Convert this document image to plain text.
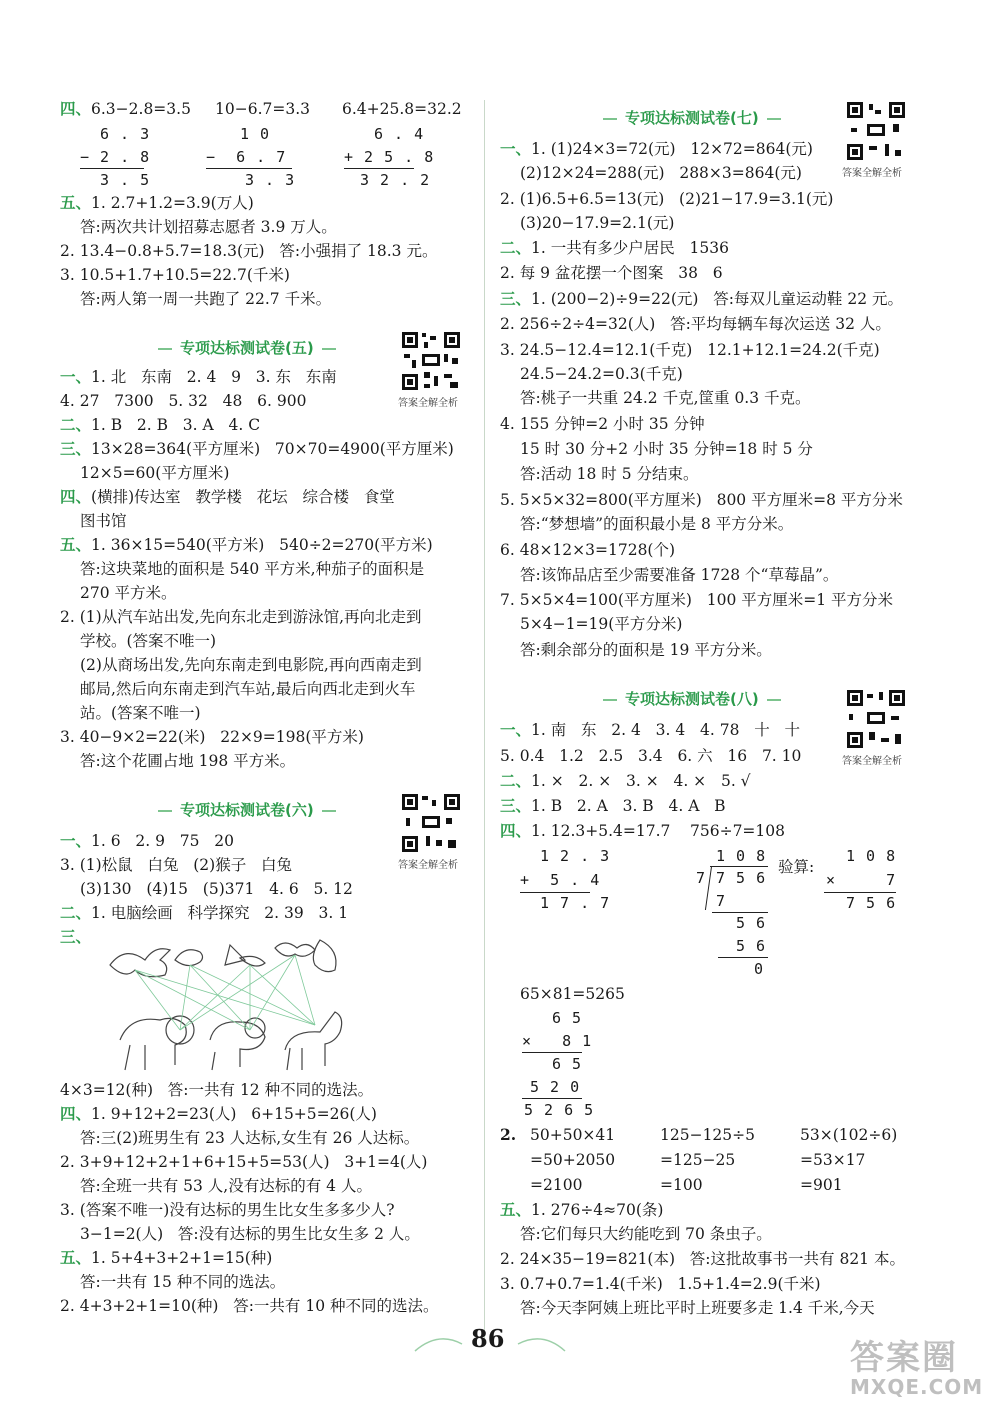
四、6.3−2.8=3.5 10−6.7=3.3 6.4+25.8=32.2
6 . 3
− 2 . 8
3 . 5
1 0
−  6 . 7
3 . 3
6 . 4
+ 2 5 . 8
3 2 . 2
五、1. 2.7+1.2=3.9(万人)
答:两次共计划招募志愿者 3.9 万人。
2. 13.4−0.8+5.7=18.3(元)   答:小强捐了 18.3 元。
3. 10.5+1.7+10.5=22.7(千米)
答:两人第一周一共跑了 22.7 千米。
专项达标测试卷(五)
答案全解全析
一、1. 北   东南   2. 4   9   3. 东   东南
4. 27   7300   5. 32   48   6. 900
二、1. B   2. B   3. A   4. C
三、13×28=364(平方厘米)   70×70=4900(平方厘米)
12×5=60(平方厘米)
四、(横排)传达室   教学楼   花坛   综合楼   食堂
图书馆
五、1. 36×15=540(平方米)   540÷2=270(平方米)
答:这块菜地的面积是 540 平方米,种茄子的面积是
270 平方米。
2. (1)从汽车站出发,先向东北走到游泳馆,再向北走到
学校。(答案不唯一)
(2)从商场出发,先向东南走到电影院,再向西南走到
邮局,然后向东南走到汽车站,最后向西北走到火车
站。(答案不唯一)
3. 40−9×2=22(米)   22×9=198(平方米)
答:这个花圃占地 198 平方米。
专项达标测试卷(六)
答案全解全析
一、1. 6   2. 9   75   20
3. (1)松鼠   白兔   (2)猴子   白兔
(3)130   (4)15   (5)371   4. 6   5. 12
二、1. 电脑绘画   科学探究   2. 39   3. 1
三、
4×3=12(种)   答:一共有 12 种不同的选法。
四、1. 9+12+2=23(人)   6+15+5=26(人)
答:三(2)班男生有 23 人达标,女生有 26 人达标。
2. 3+9+12+2+1+6+15+5=53(人)   3+1=4(人)
答:全班一共有 53 人,没有达标的有 4 人。
3. (答案不唯一)没有达标的男生比女生多多少人?
3−1=2(人)   答:没有达标的男生比女生多 2 人。
五、1. 5+4+3+2+1=15(种)
答:一共有 15 种不同的选法。
2. 4+3+2+1=10(种)   答:一共有 10 种不同的选法。
专项达标测试卷(七)
答案全解全析
一、1. (1)24×3=72(元)   12×72=864(元)
(2)12×24=288(元)   288×3=864(元)
2. (1)6.5+6.5=13(元)   (2)21−17.9=3.1(元)
(3)20−17.9=2.1(元)
二、1. 一共有多少户居民   1536
2. 每 9 盆花摆一个图案   38   6
三、1. (200−2)÷9=22(元)   答:每双儿童运动鞋 22 元。
2. 256÷2÷4=32(人)   答:平均每辆车每次运送 32 人。
3. 24.5−12.4=12.1(千克)   12.1+12.1=24.2(千克)
24.5−24.2=0.3(千克)
答:桃子一共重 24.2 千克,筐重 0.3 千克。
4. 155 分钟=2 小时 35 分钟
15 时 30 分+2 小时 35 分钟=18 时 5 分
答:活动 18 时 5 分结束。
5. 5×5×32=800(平方厘米)   800 平方厘米=8 平方分米
答:“梦想墙”的面积最小是 8 平方分米。
6. 48×12×3=1728(个)
答:该饰品店至少需要准备 1728 个“草莓晶”。
7. 5×5×4=100(平方厘米)   100 平方厘米=1 平方分米
5×4−1=19(平方分米)
答:剩余部分的面积是 19 平方分米。
专项达标测试卷(八)
答案全解全析
一、1. 南   东   2. 4   3. 4   4. 78   十   十
5. 0.4   1.2   2.5   3.4   6. 六   16   7. 10
二、1. ×   2. ×   3. ×   4. ×   5. √
三、1. B   2. A   3. B   4. A   B
四、1. 12.3+5.4=17.7 756÷7=108
1 2 . 3
+  5 . 4
1 7 . 7
1 0 8
7 7 5 6
7
5 6
5 6
0
验算:
1 0 8
×     7
7 5 6
65×81=5265
6 5
×   8 1
6 5
5 2 0
5 2 6 5
2. 50+50×41
=50+2050
=2100
125−125÷5
=125−25
=100
53×(102÷6)
=53×17
=901
五、1. 276÷4≈70(条)
答:它们每只大约能吃到 70 条虫子。
2. 24×35−19=821(本)   答:这批故事书一共有 821 本。
3. 0.7+0.7=1.4(千米)   1.5+1.4=2.9(千米)
答:今天李阿姨上班比平时上班要多走 1.4 千米,今天
86	答案圈
MXQE.COM
